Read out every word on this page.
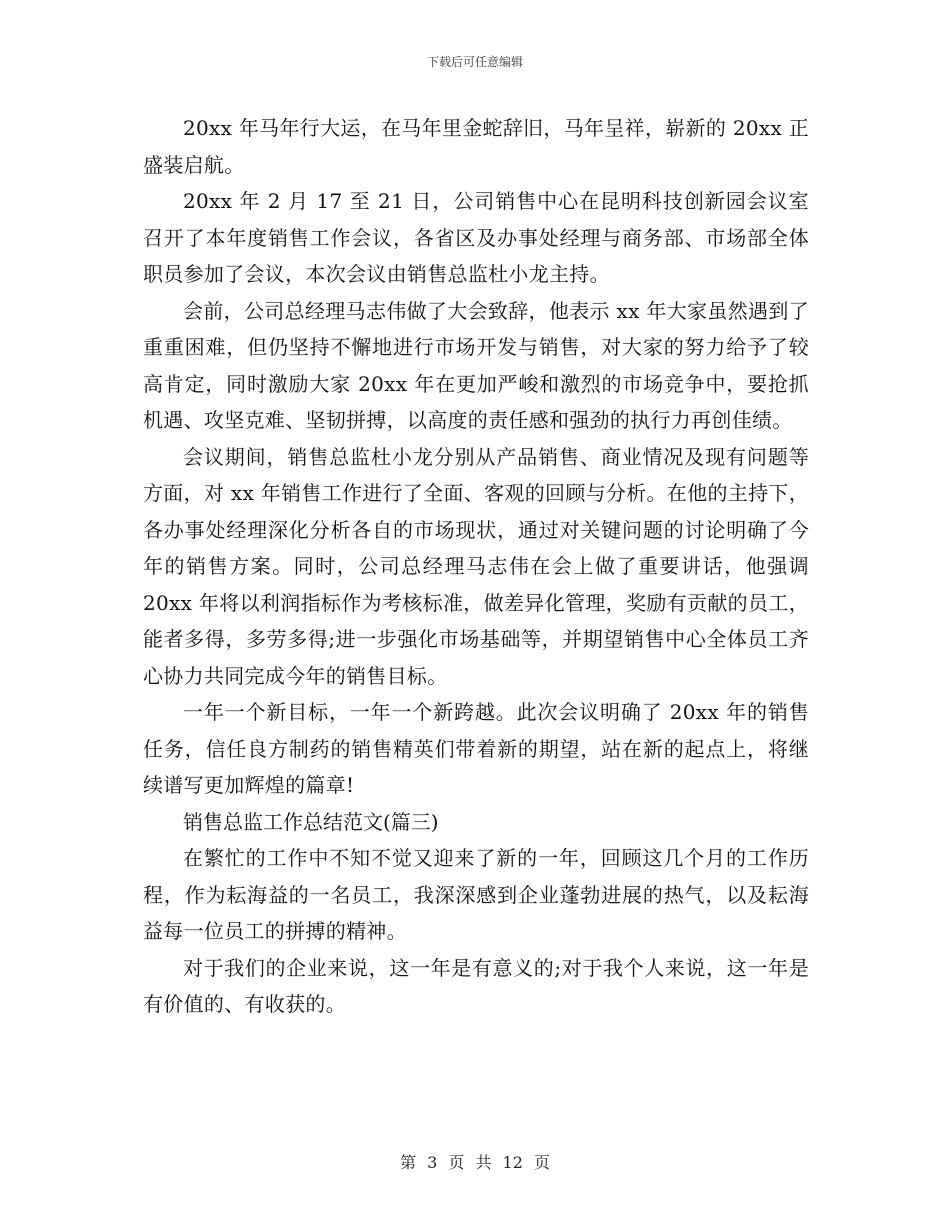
下载后可任意编辑

20xx 年马年行大运，在马年里金蛇辞旧，马年呈祥，崭新的 20xx 正盛装启航。

20xx 年 2 月 17 至 21 日，公司销售中心在昆明科技创新园会议室召开了本年度销售工作会议，各省区及办事处经理与商务部、市场部全体职员参加了会议，本次会议由销售总监杜小龙主持。

会前，公司总经理马志伟做了大会致辞，他表示 xx 年大家虽然遇到了重重困难，但仍坚持不懈地进行市场开发与销售，对大家的努力给予了较高肯定，同时激励大家 20xx 年在更加严峻和激烈的市场竞争中，要抢抓机遇、攻坚克难、坚韧拼搏，以高度的责任感和强劲的执行力再创佳绩。

会议期间，销售总监杜小龙分别从产品销售、商业情况及现有问题等方面，对 xx 年销售工作进行了全面、客观的回顾与分析。在他的主持下，各办事处经理深化分析各自的市场现状，通过对关键问题的讨论明确了今年的销售方案。同时，公司总经理马志伟在会上做了重要讲话，他强调 20xx 年将以利润指标作为考核标准，做差异化管理，奖励有贡献的员工，能者多得，多劳多得;进一步强化市场基础等，并期望销售中心全体员工齐心协力共同完成今年的销售目标。

一年一个新目标，一年一个新跨越。此次会议明确了 20xx 年的销售任务，信任良方制药的销售精英们带着新的期望，站在新的起点上，将继续谱写更加辉煌的篇章!

销售总监工作总结范文(篇三)

在繁忙的工作中不知不觉又迎来了新的一年，回顾这几个月的工作历程，作为耘海益的一名员工，我深深感到企业蓬勃进展的热气，以及耘海益每一位员工的拼搏的精神。

对于我们的企业来说，这一年是有意义的;对于我个人来说，这一年是有价值的、有收获的。

第 3 页 共 12 页
